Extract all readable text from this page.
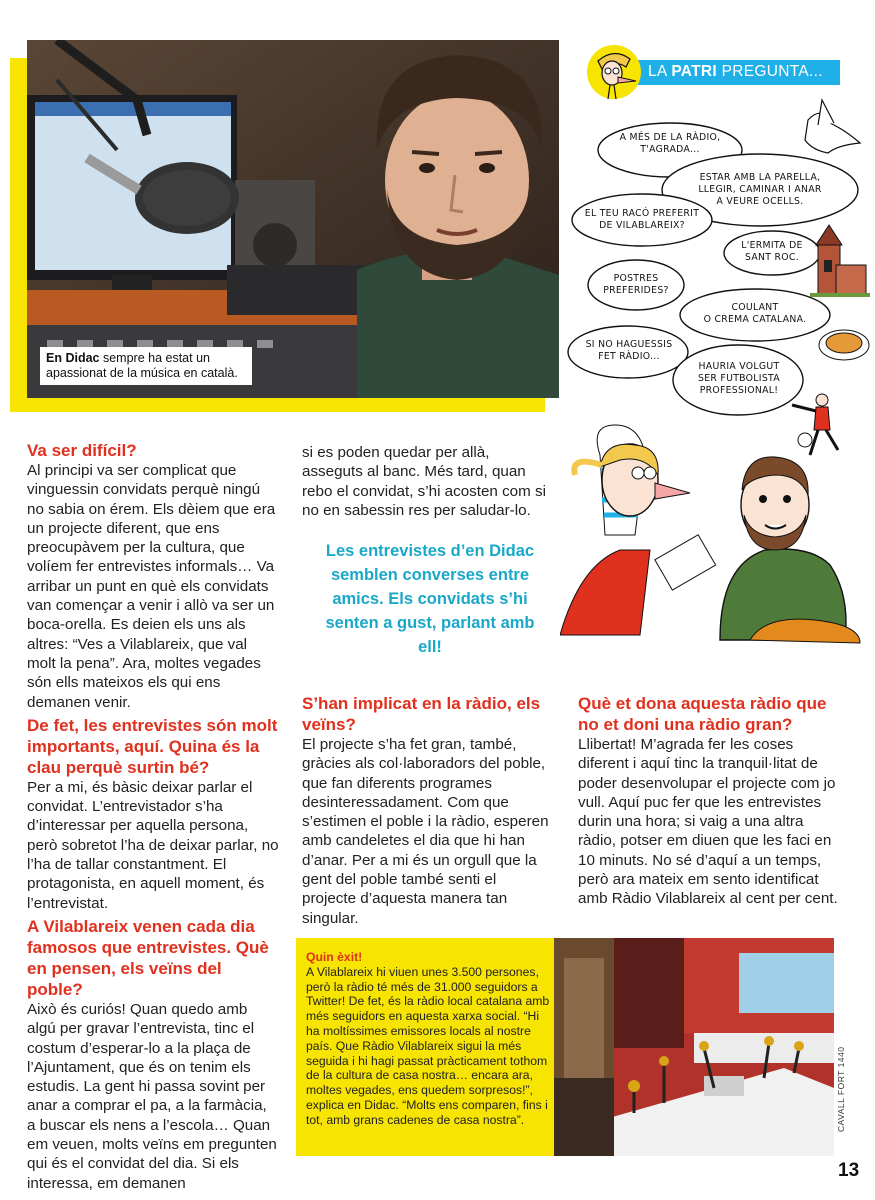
En Didac sempre ha estat un apassionat de la música en català.
LA PATRI PREGUNTA...
A MÉS DE LA RÀDIO,
T'AGRADA...
ESTAR AMB LA PARELLA,
LLEGIR, CAMINAR I ANAR
A VEURE OCELLS.
EL TEU RACÓ PREFERIT
DE VILABLAREIX?
L'ERMITA DE
SANT ROC.
POSTRES
PREFERIDES?
COULANT
O CREMA CATALANA.
SI NO HAGUESSIS
FET RÀDIO...
HAURIA VOLGUT
SER FUTBOLISTA
PROFESSIONAL!
Va ser difícil?
Al principi va ser complicat que vinguessin convidats perquè ningú no sabia on érem. Els dèiem que era un projecte diferent, que ens preocupàvem per la cultura, que volíem fer entrevistes informals… Va arribar un punt en què els convidats van començar a venir i allò va ser un boca-orella. Es deien els uns als altres: “Ves a Vilablareix, que val molt la pena”. Ara, moltes vegades són ells mateixos els qui ens demanen venir.
De fet, les entrevistes són molt importants, aquí. Quina és la clau perquè surtin bé?
Per a mi, és bàsic deixar parlar el convidat. L’entrevistador s’ha d’interessar per aquella persona, però sobretot l’ha de deixar parlar, no l’ha de tallar constantment. El protagonista, en aquell moment, és l’entrevistat.
A Vilablareix venen cada dia famosos que entrevistes. Què en pensen, els veïns del poble?
Això és curiós! Quan quedo amb algú per gravar l’entrevista, tinc el costum d’esperar-lo a la plaça de l’Ajuntament, que és on tenim els estudis. La gent hi passa sovint per anar a comprar el pa, a la farmàcia, a buscar els nens a l’escola… Quan em veuen, molts veïns em pregunten qui és el convidat del dia. Si els interessa, em demanen
si es poden quedar per allà, asseguts al banc. Més tard, quan rebo el convidat, s’hi acosten com si no en sabessin res per saludar-lo.
Les entrevistes d’en Didac semblen converses entre amics. Els convidats s’hi senten a gust, parlant amb ell!
S’han implicat en la ràdio, els veïns?
El projecte s’ha fet gran, també, gràcies als col·laboradors del poble, que fan diferents programes desinteressadament. Com que s’estimen el poble i la ràdio, esperen amb candeletes el dia que hi han d’anar. Per a mi és un orgull que la gent del poble també senti el projecte d’aquesta manera tan singular.
Què et dona aquesta ràdio que no et doni una ràdio gran?
Llibertat! M’agrada fer les coses diferent i aquí tinc la tranquil·litat de poder desenvolupar el projecte com jo vull. Aquí puc fer que les entrevistes durin una hora; si vaig a una altra ràdio, potser em diuen que les faci en 10 minuts. No sé d’aquí a un temps, però ara mateix em sento identificat amb Ràdio Vilablareix al cent per cent.
Quin èxit!
A Vilablareix hi viuen unes 3.500 persones, però la ràdio té més de 31.000 seguidors a Twitter! De fet, és la ràdio local catalana amb més seguidors en aquesta xarxa social. “Hi ha moltíssimes emissores locals al nostre país. Que Ràdio Vilablareix sigui la més seguida i hi hagi passat pràcticament tothom de la cultura de casa nostra… encara ara, moltes vegades, ens quedem sorpresos!”, explica en Didac. “Molts ens comparen, fins i tot, amb grans cadenes de casa nostra”.	CAVALL FORT 1440
13
